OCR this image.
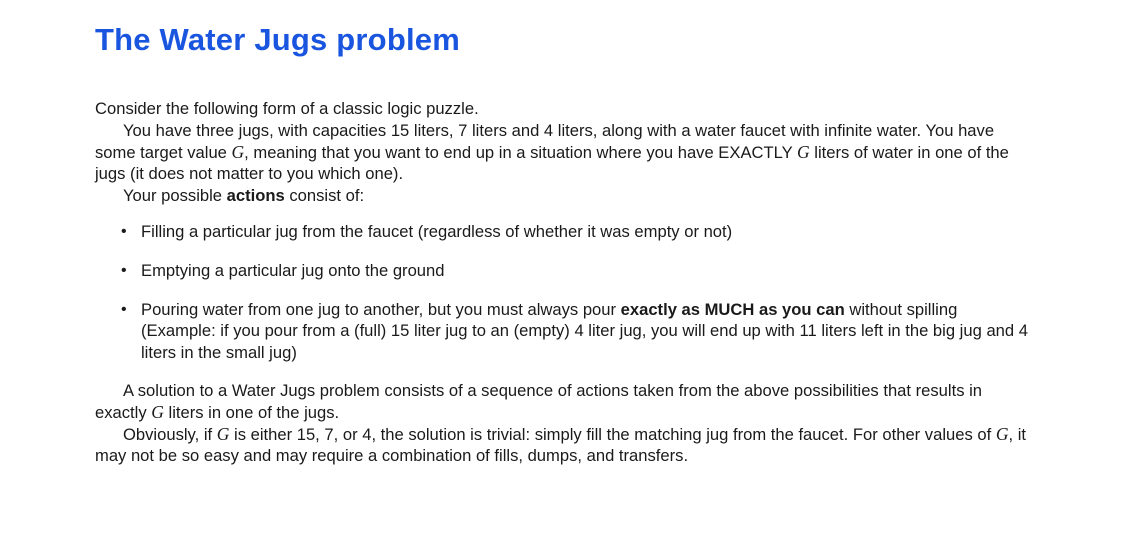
The Water Jugs problem

Consider the following form of a classic logic puzzle.

You have three jugs, with capacities 15 liters, 7 liters and 4 liters, along with a water faucet with infinite water. You have some target value G, meaning that you want to end up in a situation where you have EXACTLY G liters of water in one of the jugs (it does not matter to you which one).

Your possible actions consist of:

• Filling a particular jug from the faucet (regardless of whether it was empty or not)
• Emptying a particular jug onto the ground
• Pouring water from one jug to another, but you must always pour exactly as MUCH as you can without spilling (Example: if you pour from a (full) 15 liter jug to an (empty) 4 liter jug, you will end up with 11 liters left in the big jug and 4 liters in the small jug)

A solution to a Water Jugs problem consists of a sequence of actions taken from the above possibilities that results in exactly G liters in one of the jugs.

Obviously, if G is either 15, 7, or 4, the solution is trivial: simply fill the matching jug from the faucet. For other values of G, it may not be so easy and may require a combination of fills, dumps, and transfers.
